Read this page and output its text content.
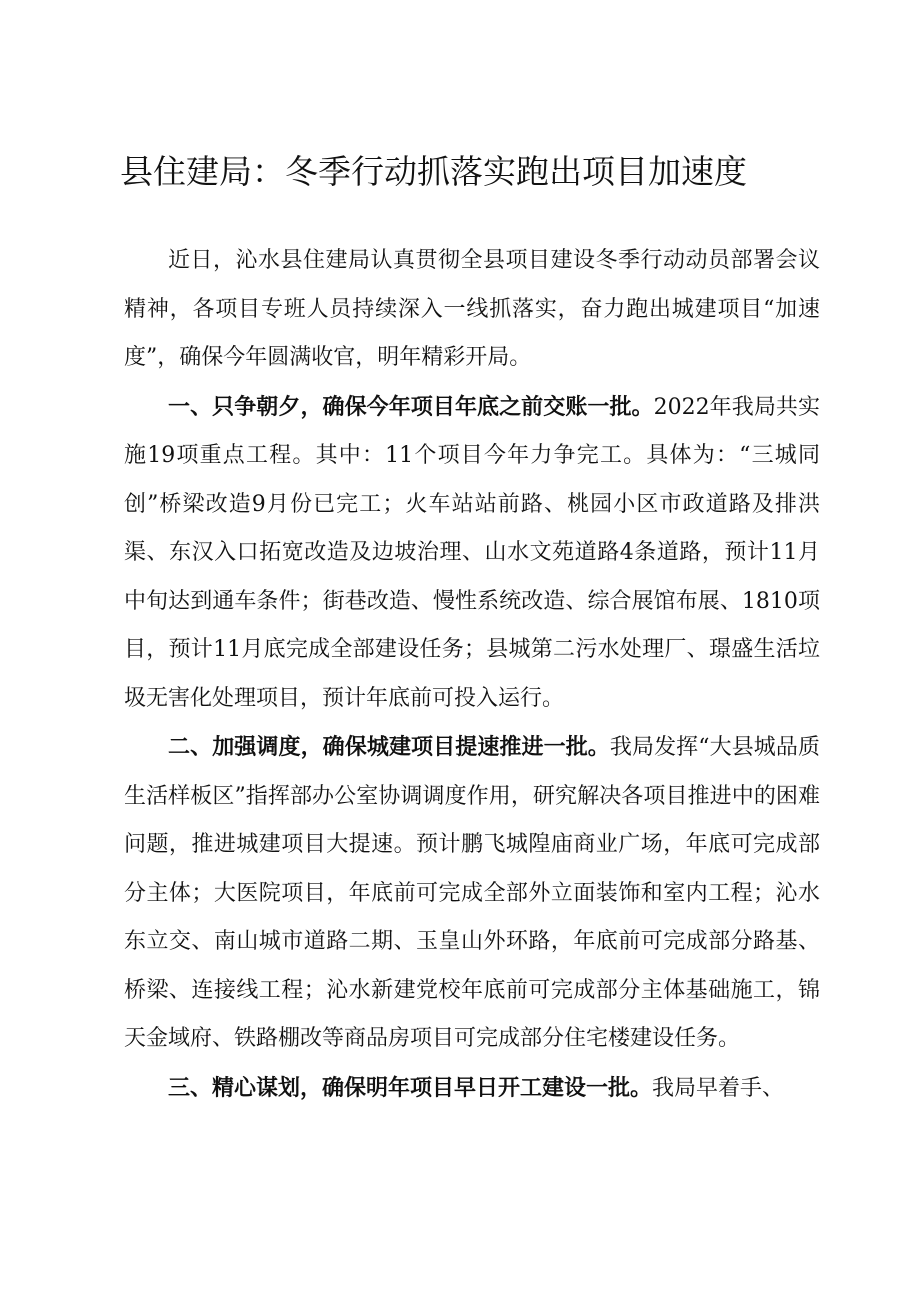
县住建局：冬季行动抓落实跑出项目加速度

近日，沁水县住建局认真贯彻全县项目建设冬季行动动员部署会议精神，各项目专班人员持续深入一线抓落实，奋力跑出城建项目“加速度”，确保今年圆满收官，明年精彩开局。

一、只争朝夕，确保今年项目年底之前交账一批。2022年我局共实施19项重点工程。其中：11个项目今年力争完工。具体为：“三城同创”桥梁改造9月份已完工；火车站站前路、桃园小区市政道路及排洪渠、东汉入口拓宽改造及边坡治理、山水文苑道路4条道路，预计11月中旬达到通车条件；街巷改造、慢性系统改造、综合展馆布展、1810项目，预计11月底完成全部建设任务；县城第二污水处理厂、璟盛生活垃圾无害化处理项目，预计年底前可投入运行。

二、加强调度，确保城建项目提速推进一批。我局发挥“大县城品质生活样板区”指挥部办公室协调调度作用，研究解决各项目推进中的困难问题，推进城建项目大提速。预计鹏飞城隍庙商业广场，年底可完成部分主体；大医院项目，年底前可完成全部外立面装饰和室内工程；沁水东立交、南山城市道路二期、玉皇山外环路，年底前可完成部分路基、桥梁、连接线工程；沁水新建党校年底前可完成部分主体基础施工，锦天金域府、铁路棚改等商品房项目可完成部分住宅楼建设任务。

三、精心谋划，确保明年项目早日开工建设一批。我局早着手、
